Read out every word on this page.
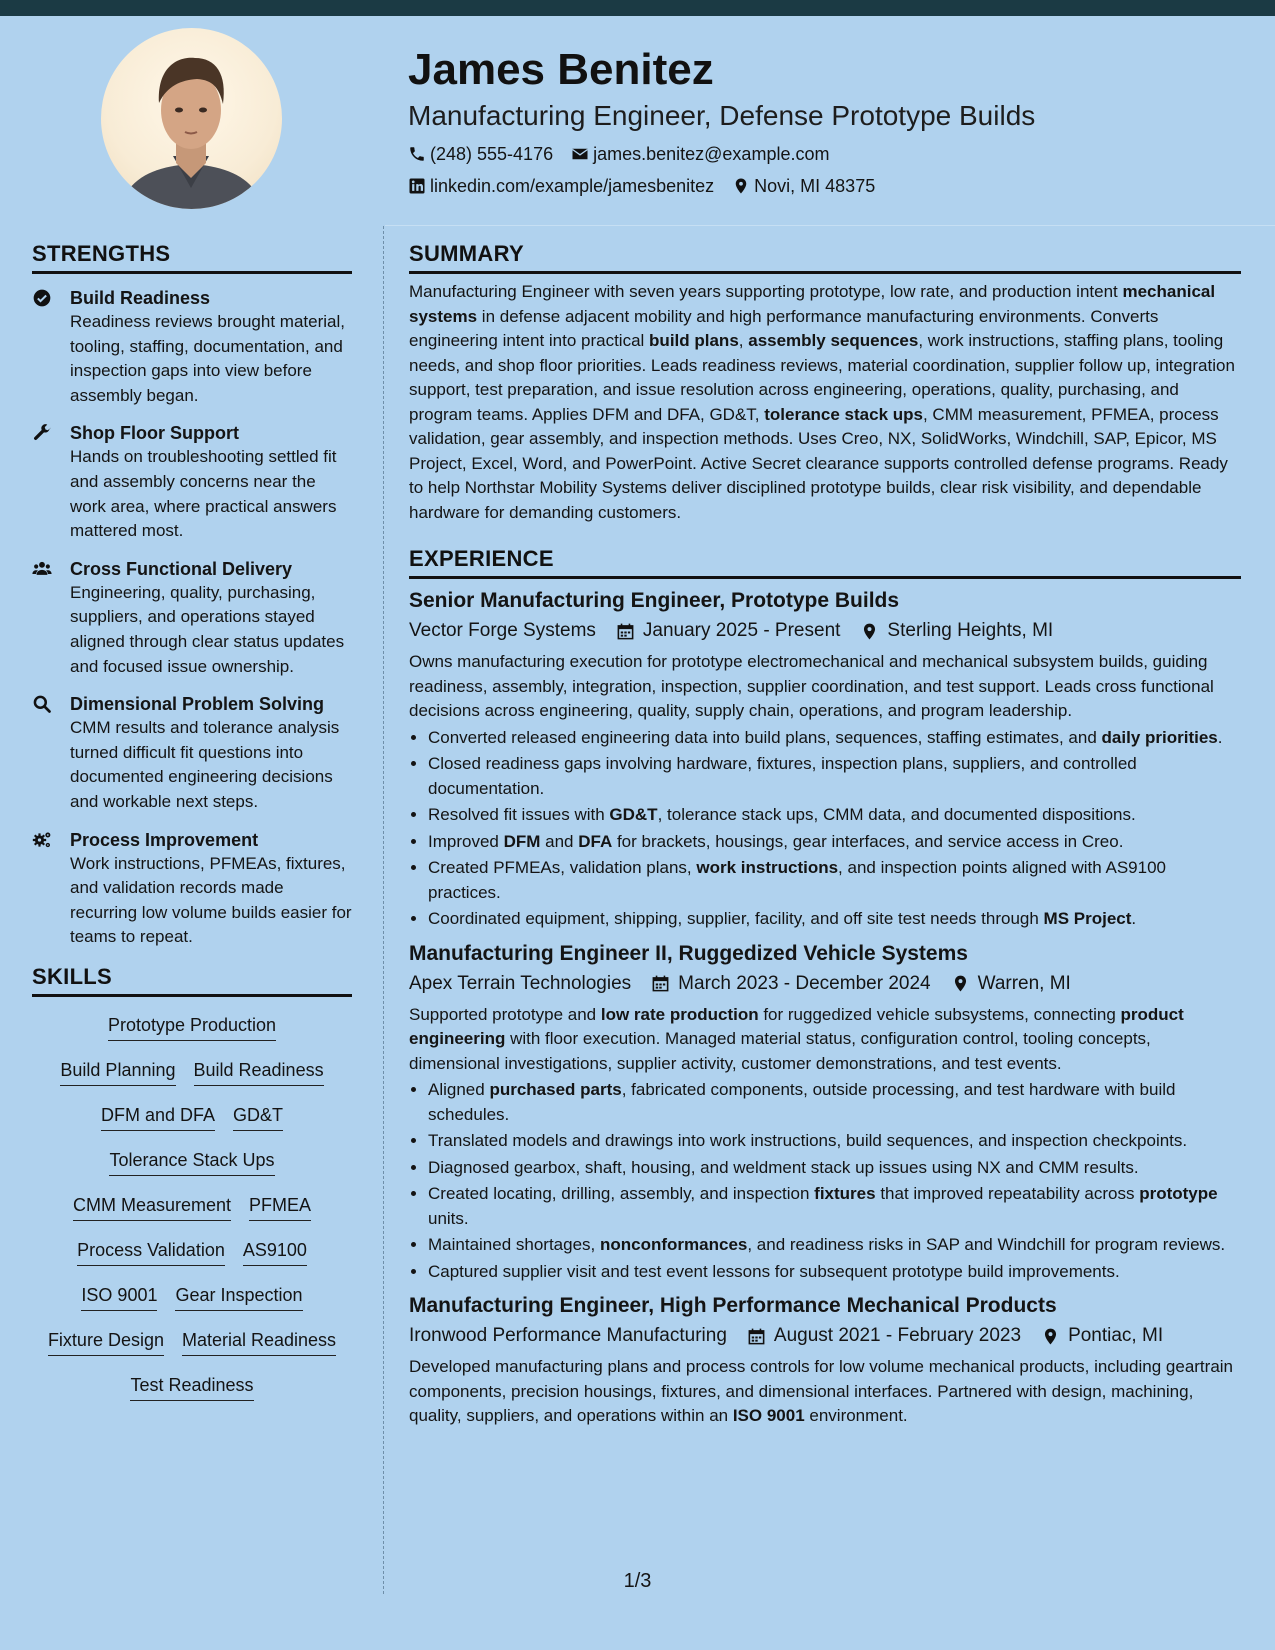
James Benitez
Manufacturing Engineer, Defense Prototype Builds
(248) 555-4176 james.benitez@example.com
linkedin.com/example/jamesbenitez Novi, MI 48375
STRENGTHS
Build Readiness
Readiness reviews brought material, tooling, staffing, documentation, and inspection gaps into view before assembly began.
Shop Floor Support
Hands on troubleshooting settled fit and assembly concerns near the work area, where practical answers mattered most.
Cross Functional Delivery
Engineering, quality, purchasing, suppliers, and operations stayed aligned through clear status updates and focused issue ownership.
Dimensional Problem Solving
CMM results and tolerance analysis turned difficult fit questions into documented engineering decisions and workable next steps.
Process Improvement
Work instructions, PFMEAs, fixtures, and validation records made recurring low volume builds easier for teams to repeat.
SKILLS
Prototype Production
Build Planning Build Readiness
DFM and DFA GD&T
Tolerance Stack Ups
CMM Measurement PFMEA
Process Validation AS9100
ISO 9001 Gear Inspection
Fixture Design Material Readiness
Test Readiness
SUMMARY
Manufacturing Engineer with seven years supporting prototype, low rate, and production intent mechanical systems in defense adjacent mobility and high performance manufacturing environments. Converts engineering intent into practical build plans, assembly sequences, work instructions, staffing plans, tooling needs, and shop floor priorities. Leads readiness reviews, material coordination, supplier follow up, integration support, test preparation, and issue resolution across engineering, operations, quality, purchasing, and program teams. Applies DFM and DFA, GD&T, tolerance stack ups, CMM measurement, PFMEA, process validation, gear assembly, and inspection methods. Uses Creo, NX, SolidWorks, Windchill, SAP, Epicor, MS Project, Excel, Word, and PowerPoint. Active Secret clearance supports controlled defense programs. Ready to help Northstar Mobility Systems deliver disciplined prototype builds, clear risk visibility, and dependable hardware for demanding customers.
EXPERIENCE
Senior Manufacturing Engineer, Prototype Builds
Vector Forge Systems January 2025 - Present Sterling Heights, MI
Owns manufacturing execution for prototype electromechanical and mechanical subsystem builds, guiding readiness, assembly, integration, inspection, supplier coordination, and test support. Leads cross functional decisions across engineering, quality, supply chain, operations, and program leadership.
• Converted released engineering data into build plans, sequences, staffing estimates, and daily priorities.
• Closed readiness gaps involving hardware, fixtures, inspection plans, suppliers, and controlled documentation.
• Resolved fit issues with GD&T, tolerance stack ups, CMM data, and documented dispositions.
• Improved DFM and DFA for brackets, housings, gear interfaces, and service access in Creo.
• Created PFMEAs, validation plans, work instructions, and inspection points aligned with AS9100 practices.
• Coordinated equipment, shipping, supplier, facility, and off site test needs through MS Project.
Manufacturing Engineer II, Ruggedized Vehicle Systems
Apex Terrain Technologies March 2023 - December 2024 Warren, MI
Supported prototype and low rate production for ruggedized vehicle subsystems, connecting product engineering with floor execution. Managed material status, configuration control, tooling concepts, dimensional investigations, supplier activity, customer demonstrations, and test events.
• Aligned purchased parts, fabricated components, outside processing, and test hardware with build schedules.
• Translated models and drawings into work instructions, build sequences, and inspection checkpoints.
• Diagnosed gearbox, shaft, housing, and weldment stack up issues using NX and CMM results.
• Created locating, drilling, assembly, and inspection fixtures that improved repeatability across prototype units.
• Maintained shortages, nonconformances, and readiness risks in SAP and Windchill for program reviews.
• Captured supplier visit and test event lessons for subsequent prototype build improvements.
Manufacturing Engineer, High Performance Mechanical Products
Ironwood Performance Manufacturing August 2021 - February 2023 Pontiac, MI
Developed manufacturing plans and process controls for low volume mechanical products, including geartrain components, precision housings, fixtures, and dimensional interfaces. Partnered with design, machining, quality, suppliers, and operations within an ISO 9001 environment.
1/3
